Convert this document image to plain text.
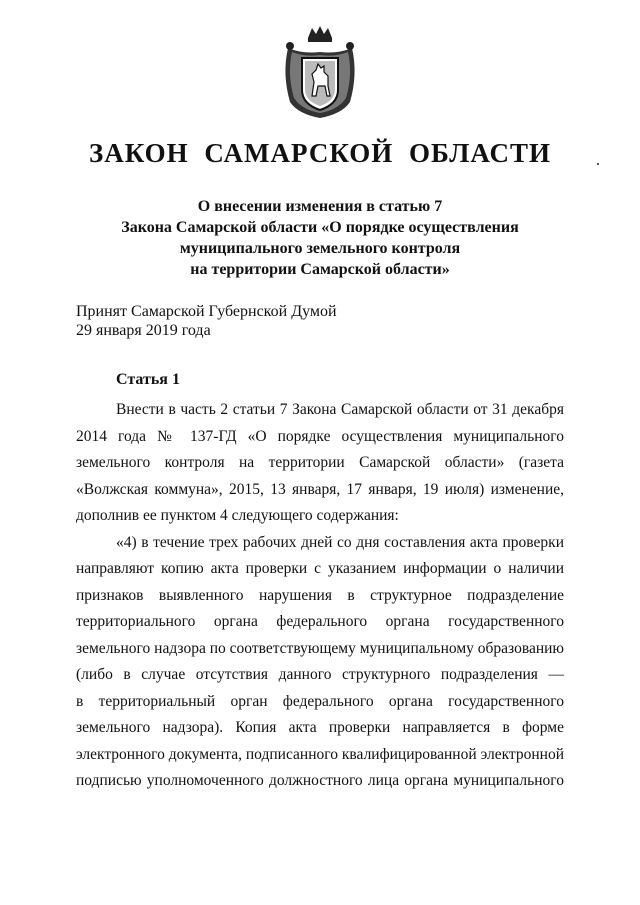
ЗАКОН САМАРСКОЙ ОБЛАСТИ
О внесении изменения в статью 7
Закона Самарской области «О порядке осуществления
муниципального земельного контроля
на территории Самарской области»
Принят Самарской Губернской Думой
29 января 2019 года
Статья 1
Внести в часть 2 статьи 7 Закона Самарской области от 31 декабря
2014 года № 137-ГД «О порядке осуществления муниципального
земельного контроля на территории Самарской области» (газета
«Волжская коммуна», 2015, 13 января, 17 января, 19 июля) изменение,
дополнив ее пунктом 4 следующего содержания:
«4) в течение трех рабочих дней со дня составления акта проверки
направляют копию акта проверки с указанием информации о наличии
признаков выявленного нарушения в структурное подразделение
территориального органа федерального органа государственного
земельного надзора по соответствующему муниципальному образованию
(либо в случае отсутствия данного структурного подразделения —
в территориальный орган федерального органа государственного
земельного надзора). Копия акта проверки направляется в форме
электронного документа, подписанного квалифицированной электронной
подписью уполномоченного должностного лица органа муниципального
